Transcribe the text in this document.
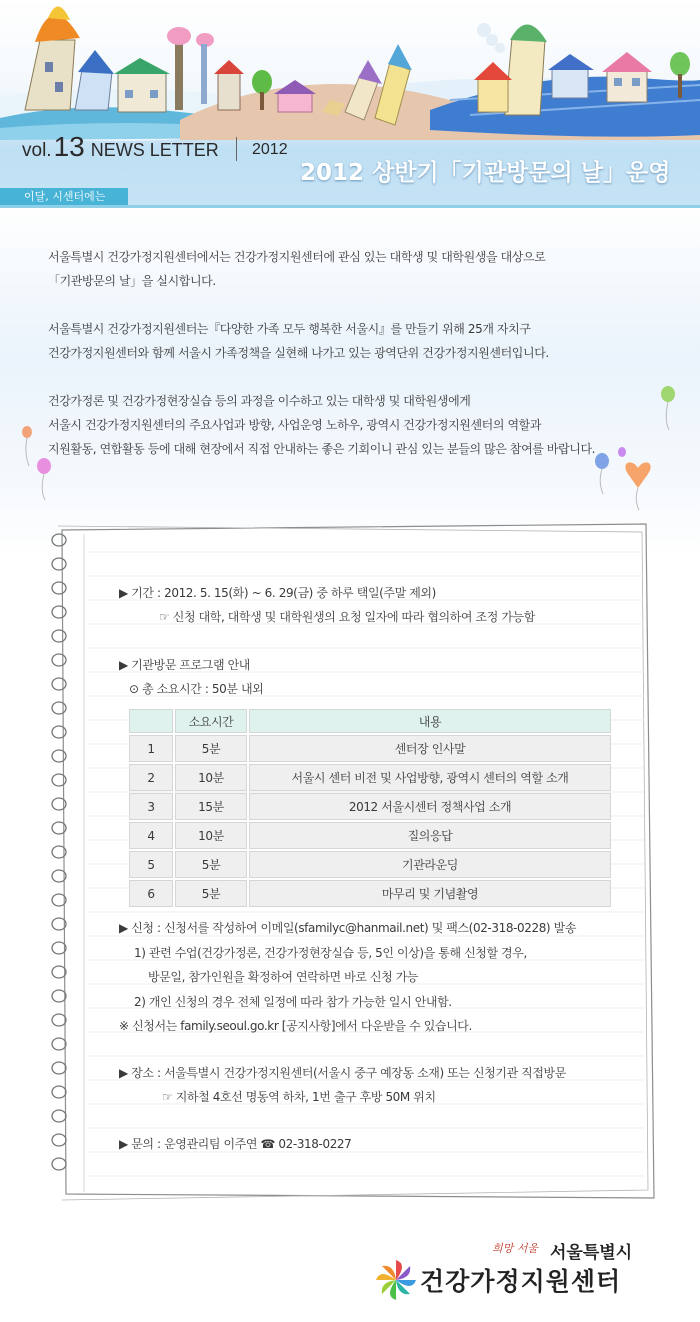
vol.13 NEWS LETTER 2012
2012 상반기「기관방문의 날」운영
이달, 시센터에는

서울특별시 건강가정지원센터에서는 건강가정지원센터에 관심 있는 대학생 및 대학원생을 대상으로
「기관방문의 날」을 실시합니다.

서울특별시 건강가정지원센터는『다양한 가족 모두 행복한 서울시』를 만들기 위해 25개 자치구
건강가정지원센터와 함께 서울시 가족정책을 실현해 나가고 있는 광역단위 건강가정지원센터입니다.

건강가정론 및 건강가정현장실습 등의 과정을 이수하고 있는 대학생 및 대학원생에게
서울시 건강가정지원센터의 주요사업과 방향, 사업운영 노하우, 광역시 건강가정지원센터의 역할과
지원활동, 연합활동 등에 대해 현장에서 직접 안내하는 좋은 기회이니 관심 있는 분들의 많은 참여를 바랍니다.

▶ 기간 : 2012. 5. 15(화) ~ 6. 29(금) 중 하루 택일(주말 제외)
☞ 신청 대학, 대학생 및 대학원생의 요청 일자에 따라 협의하여 조정 가능함
▶ 기관방문 프로그램 안내
⊙ 총 소요시간 : 50분 내외
	소요시간	내용
1	5분	센터장 인사말
2	10분	서울시 센터 비전 및 사업방향, 광역시 센터의 역할 소개
3	15분	2012 서울시센터 정책사업 소개
4	10분	질의응답
5	5분	기관라운딩
6	5분	마무리 및 기념촬영
▶ 신청 : 신청서를 작성하여 이메일(sfamilyc@hanmail.net) 및 팩스(02-318-0228) 발송
1) 관련 수업(건강가정론, 건강가정현장실습 등, 5인 이상)을 통해 신청할 경우,
방문일, 참가인원을 확정하여 연락하면 바로 신청 가능
2) 개인 신청의 경우 전체 일정에 따라 참가 가능한 일시 안내함.
※ 신청서는 family.seoul.go.kr [공지사항]에서 다운받을 수 있습니다.
▶ 장소 : 서울특별시 건강가정지원센터(서울시 중구 예장동 소재) 또는 신청기관 직접방문
☞ 지하철 4호선 명동역 하차, 1번 출구 후방 50M 위치
▶ 문의 : 운영관리팀 이주연 ☎ 02-318-0227
희망 서울 서울특별시
건강가정지원센터
